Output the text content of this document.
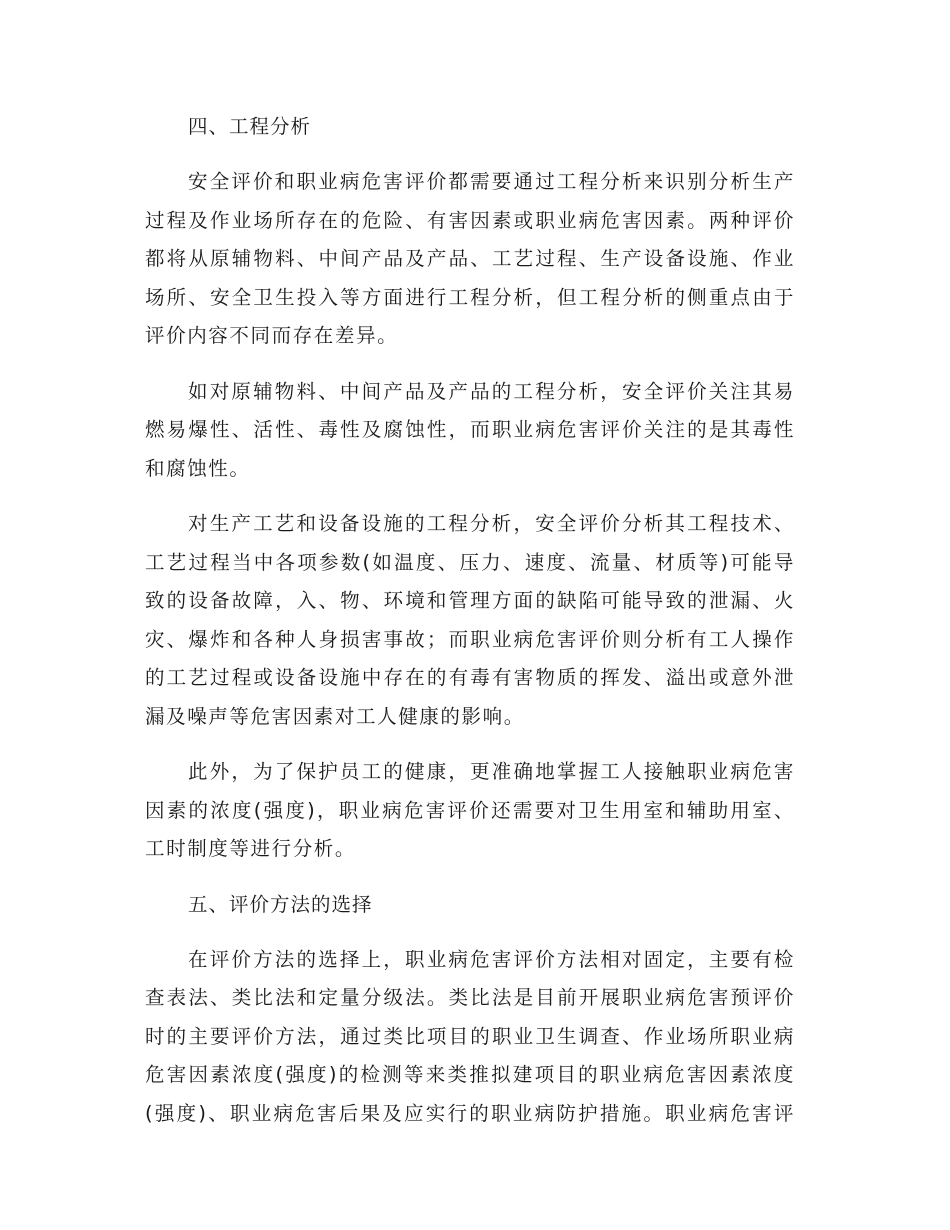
四、工程分析
安全评价和职业病危害评价都需要通过工程分析来识别分析生产
过程及作业场所存在的危险、有害因素或职业病危害因素。两种评价
都将从原辅物料、中间产品及产品、工艺过程、生产设备设施、作业
场所、安全卫生投入等方面进行工程分析，但工程分析的侧重点由于
评价内容不同而存在差异。
如对原辅物料、中间产品及产品的工程分析，安全评价关注其易
燃易爆性、活性、毒性及腐蚀性，而职业病危害评价关注的是其毒性
和腐蚀性。
对生产工艺和设备设施的工程分析，安全评价分析其工程技术、
工艺过程当中各项参数(如温度、压力、速度、流量、材质等)可能导
致的设备故障，入、物、环境和管理方面的缺陷可能导致的泄漏、火
灾、爆炸和各种人身损害事故；而职业病危害评价则分析有工人操作
的工艺过程或设备设施中存在的有毒有害物质的挥发、溢出或意外泄
漏及噪声等危害因素对工人健康的影响。
此外，为了保护员工的健康，更准确地掌握工人接触职业病危害
因素的浓度(强度)，职业病危害评价还需要对卫生用室和辅助用室、
工时制度等进行分析。
五、评价方法的选择
在评价方法的选择上，职业病危害评价方法相对固定，主要有检
查表法、类比法和定量分级法。类比法是目前开展职业病危害预评价
时的主要评价方法，通过类比项目的职业卫生调查、作业场所职业病
危害因素浓度(强度)的检测等来类推拟建项目的职业病危害因素浓度
(强度)、职业病危害后果及应实行的职业病防护措施。职业病危害评
